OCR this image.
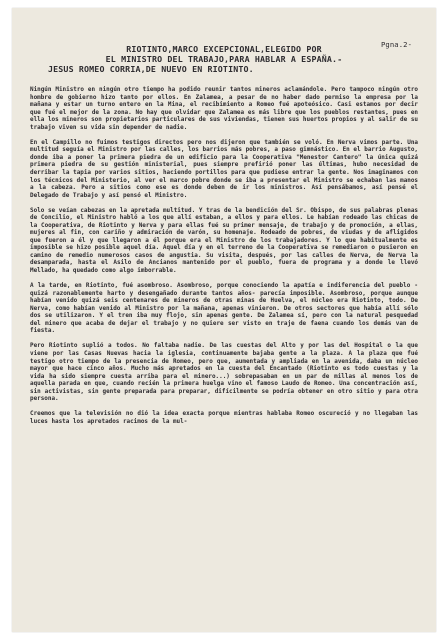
Pgna.2-
RIOTINTO,MARCO EXCEPCIONAL,ELEGIDO POR
EL MINISTRO DEL TRABAJO,PARA HABLAR A ESPAÑA.-
JESUS ROMEO CORRIA,DE NUEVO EN RIOTINTO.

Ningún Ministro en ningún otro tiempo ha podido reunir tantos mineros aclamándole. Pero tampoco ningún otro hombre de gobierno hizo tanto por ellos. En Zalamea, a pesar de no haber dado permiso la empresa por la mañana y estar un turno entero en la Mina, el recibimiento a Romeo fué apoteósico. Casi estamos por decir que fué el mejor de la zona. No hay que olvidar que Zalamea es más libre que los pueblos restantes, pues en ella los mineros son propietarios particulares de sus viviendas, tienen sus huertos propios y al salir de su trabajo viven su vida sin depender de nadie.

En el Campillo no fuimos testigos directos pero nos dijeron que también se voló. En Nerva vimos parte. Una multitud seguía el Ministro por las calles, los barrios más pobres, a paso gimnástico. En el barrio Augusto, donde iba a poner la primera piedra de un edificio para la Cooperativa "Menestor Cantero" la única quizá primera piedra de su gestión ministerial, pues siempre prefirió poner las últimas, hubo necesidad de derribar la tapia por varios sitios, haciendo portillos para que pudiese entrar la gente. Nos imaginamos con los técnicos del Ministerio, al ver el marco pobre donde se iba a presentar el Ministro se echaban las manos a la cabeza. Pero a sitios como ese es donde deben de ir los ministros. Así pensábamos, así pensé el Delegado de Trabajo y así pensó el Ministro.

Solo se veían cabezas en la apretada multitud. Y tras de la bendición del Sr. Obispo, de sus palabras plenas de Concilio, el Ministro habló a los que allí estaban, a ellos y para ellos. Le habían rodeado las chicas de la Cooperativa, de Riotinto y Nerva y para ellas fué su primer mensaje, de trabajo y de promoción, a ellas, mujeres al fin, con cariño y admiración de varón, su homenaje. Rodeado de pobres, de viudas y de afligidos que fueron a él y que llegaron a él porque era el Ministro de los trabajadores. Y lo que habitualmente es imposible se hizo posible aquel día. Aquel día y en el terreno de la Cooperativa se remediaron o pusieron en camino de remedio numerosos casos de angustia. Su visita, después, por las calles de Nerva, de Nerva la desamparada, hasta el Asilo de Ancianos mantenido por el pueblo, fuera de programa y a donde le llevó Mellado, ha quedado como algo imborrable.

A la tarde, en Riotinto, fué asombroso. Asombroso, porque conociendo la apatía e indiferencia del pueblo -quizá razonablemente harto y desengañado durante tantos años- parecía imposible. Asombroso, porque aunque habían venido quizá seis centenares de mineros de otras minas de Huelva, el núcleo era Riotinto, todo. De Nerva, como habían venido al Ministro por la mañana, apenas vinieron. De otros sectores que había allí sólo dos se utilizaron. Y el tren iba muy flojo, sin apenas gente. De Zalamea sí, pero con la natural pesquedad del minero que acaba de dejar el trabajo y no quiere ser visto en traje de faena cuando los demás van de fiesta.

Pero Riotinto suplió a todos. No faltaba nadie. De las cuestas del Alto y por las del Hospital o la que viene por las Casas Nuevas hacia la iglesia, continuamente bajaba gente a la plaza. A la plaza que fué testigo otro tiempo de la presencia de Romeo, pero que, aumentada y ampliada en la avenida, daba un núcleo mayor que hace cinco años. Mucho más apretados en la cuesta del Encantado (Riotinto es todo cuestas y la vida ha sido siempre cuesta arriba para el minero...) sobrepasaban en un par de millas al menos los de aquella parada en que, cuando recién la primera huelga vino el famoso Laudo de Romeo. Una concentración así, sin activistas, sin gente preparada para preparar, difícilmente se podría obtener en otro sitio y para otra persona.

Creemos que la televisión no dió la idea exacta porque mientras hablaba Romeo oscureció y no llegaban las luces hasta los apretados racimos de la mul-
